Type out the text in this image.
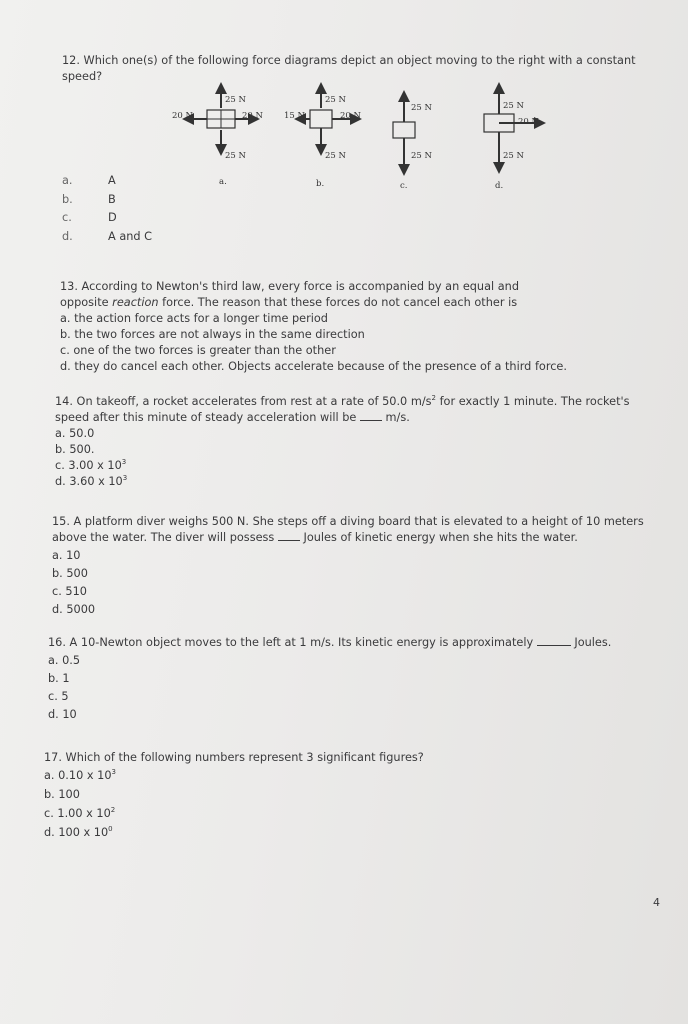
12. Which one(s) of the following force diagrams depict an object moving to the right with a constant speed?

25 N
25 N
20 N	20 N
a.
25 N
25 N
15 N	20 N
b.
25 N
25 N
c.
25 N
25 N
20 N
d.
a.	A
b.	B
c.	D
d.	A and C

13. According to Newton's third law, every force is accompanied by an equal and

opposite reaction force. The reason that these forces do not cancel each other is

a. the action force acts for a longer time period

b. the two forces are not always in the same direction

c. one of the two forces is greater than the other

d. they do cancel each other. Objects accelerate because of the presence of a third force.

14. On takeoff, a rocket accelerates from rest at a rate of 50.0 $m/s^2$ for exactly 1 minute. The rocket's

speed after this minute of steady acceleration will be	m/s.

a. 50.0

b. 500.

c. 3.00 x $10^3$

d. 3.60 x $10^3$

15. A platform diver weighs 500 N. She steps off a diving board that is elevated to a height of 10 meters

above the water. The diver will possess	Joules of kinetic energy when she hits the water.

a. 10

b. 500

c. 510

d. 5000

16. A 10-Newton object moves to the left at 1 m/s. Its kinetic energy is approximately	Joules.

a. 0.5

b. 1

c. 5

d. 10

17. Which of the following numbers represent 3 significant figures?

a. 0.10 x $10^3$

b. 100

c. 1.00 x $10^2$

d. 100 x $10^0$

4
